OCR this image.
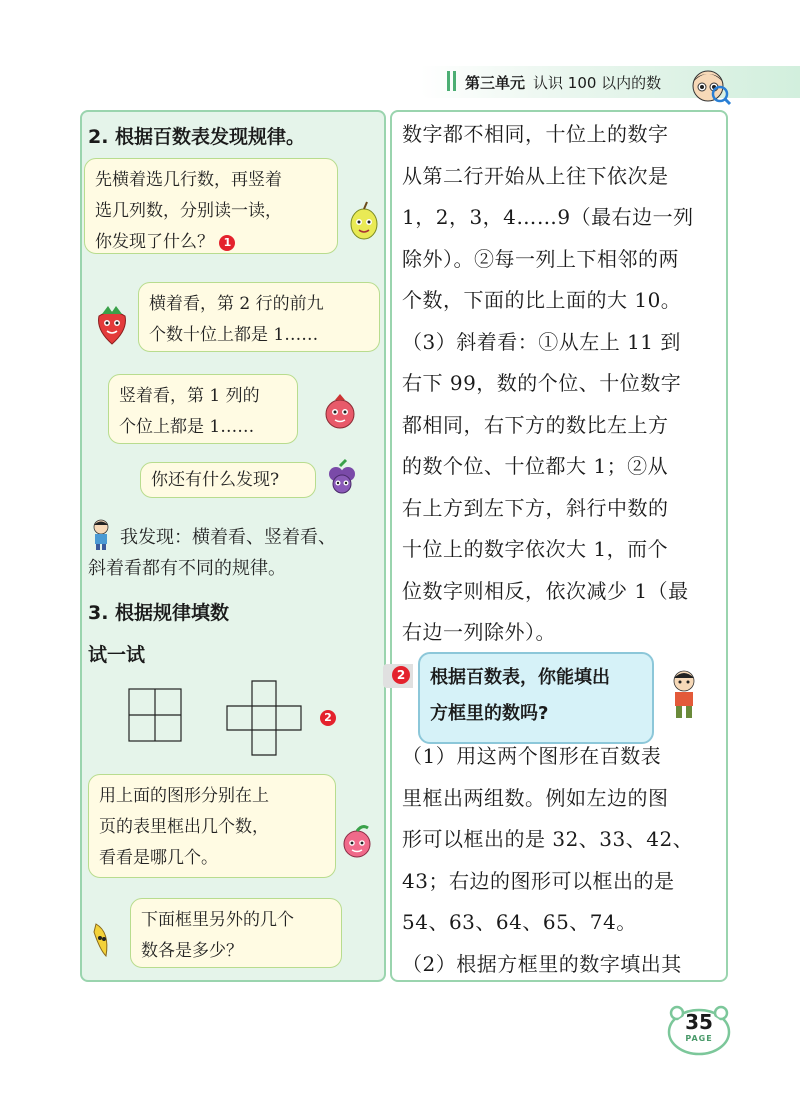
第三单元 认识 100 以内的数
2. 根据百数表发现规律。
先横着选几行数，再竖着
选几列数，分别读一读，
你发现了什么？ 1
横着看，第 2 行的前九
个数十位上都是 1……
竖着看，第 1 列的
个位上都是 1……
你还有什么发现?
我发现：横着看、竖着看、
斜着看都有不同的规律。
3. 根据规律填数
试一试
2
用上面的图形分别在上
页的表里框出几个数，
看看是哪几个。
下面框里另外的几个
数各是多少？
数字都不相同，十位上的数字
从第二行开始从上往下依次是
1，2，3，4……9（最右边一列
除外）。②每一列上下相邻的两
个数，下面的比上面的大 10。
（3）斜着看：①从左上 11 到
右下 99，数的个位、十位数字
都相同，右下方的数比左上方
的数个位、十位都大 1；②从
右上方到左下方，斜行中数的
十位上的数字依次大 1，而个
位数字则相反，依次减少 1（最
右边一列除外）。
2 根据百数表，你能填出
方框里的数吗?
（1）用这两个图形在百数表
里框出两组数。例如左边的图
形可以框出的是 32、33、42、
43；右边的图形可以框出的是
54、63、64、65、74。
（2）根据方框里的数字填出其
35
PAGE
